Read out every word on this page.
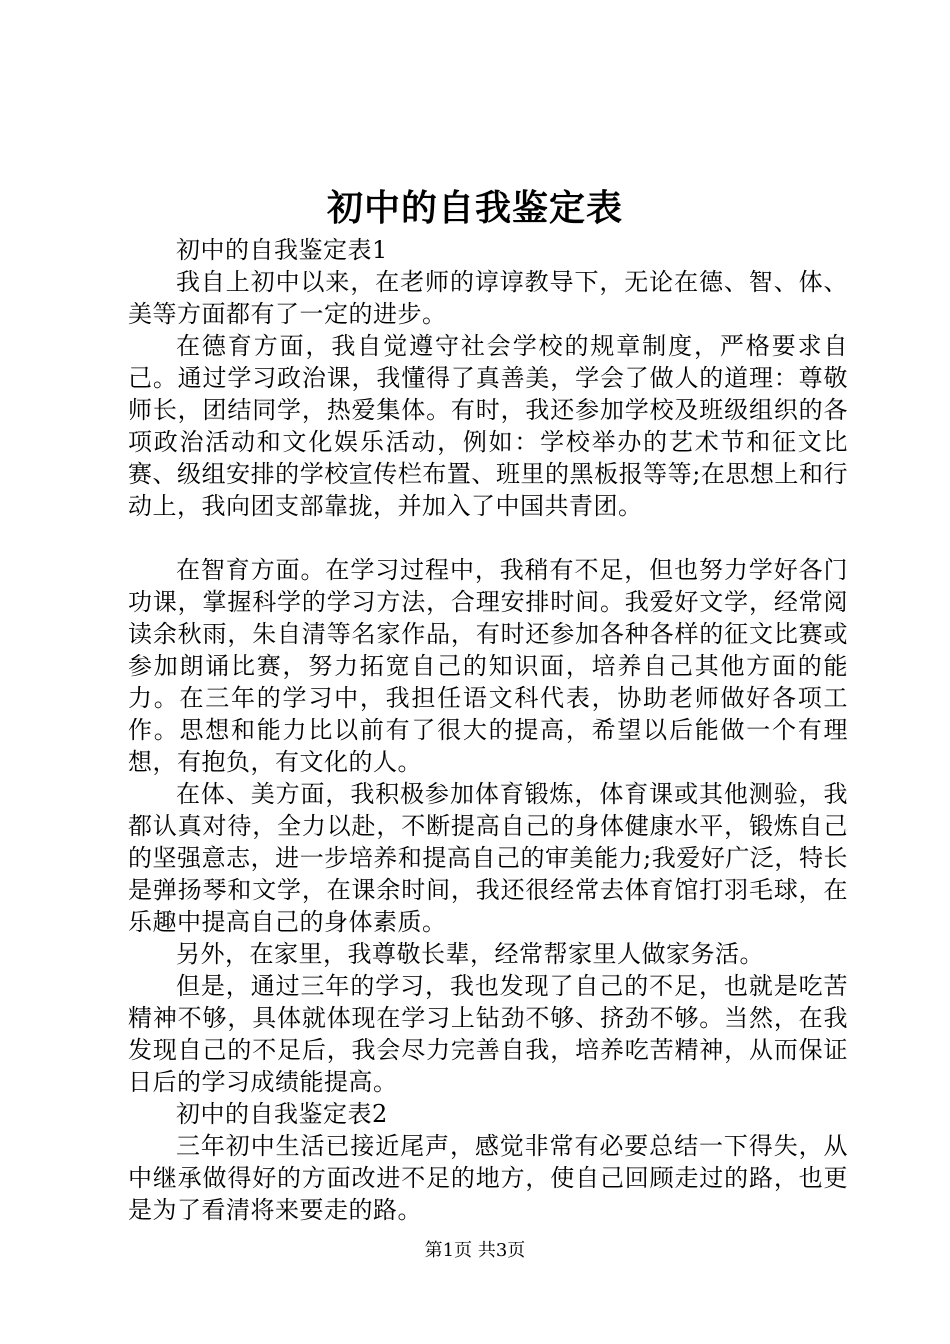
初中的自我鉴定表

初中的自我鉴定表1

我自上初中以来，在老师的谆谆教导下，无论在德、智、体、美等方面都有了一定的进步。

在德育方面，我自觉遵守社会学校的规章制度，严格要求自己。通过学习政治课，我懂得了真善美，学会了做人的道理：尊敬师长，团结同学，热爱集体。有时，我还参加学校及班级组织的各项政治活动和文化娱乐活动，例如：学校举办的艺术节和征文比赛、级组安排的学校宣传栏布置、班里的黑板报等等;在思想上和行动上，我向团支部靠拢，并加入了中国共青团。

在智育方面。在学习过程中，我稍有不足，但也努力学好各门功课，掌握科学的学习方法，合理安排时间。我爱好文学，经常阅读余秋雨，朱自清等名家作品，有时还参加各种各样的征文比赛或参加朗诵比赛，努力拓宽自己的知识面，培养自己其他方面的能力。在三年的学习中，我担任语文科代表，协助老师做好各项工作。思想和能力比以前有了很大的提高，希望以后能做一个有理想，有抱负，有文化的人。

在体、美方面，我积极参加体育锻炼，体育课或其他测验，我都认真对待，全力以赴，不断提高自己的身体健康水平，锻炼自己的坚强意志，进一步培养和提高自己的审美能力;我爱好广泛，特长是弹扬琴和文学，在课余时间，我还很经常去体育馆打羽毛球，在乐趣中提高自己的身体素质。

另外，在家里，我尊敬长辈，经常帮家里人做家务活。

但是，通过三年的学习，我也发现了自己的不足，也就是吃苦精神不够，具体就体现在学习上钻劲不够、挤劲不够。当然，在我发现自己的不足后，我会尽力完善自我，培养吃苦精神，从而保证日后的学习成绩能提高。

初中的自我鉴定表2

三年初中生活已接近尾声，感觉非常有必要总结一下得失，从中继承做得好的方面改进不足的地方，使自己回顾走过的路，也更是为了看清将来要走的路。

第1页 共3页
